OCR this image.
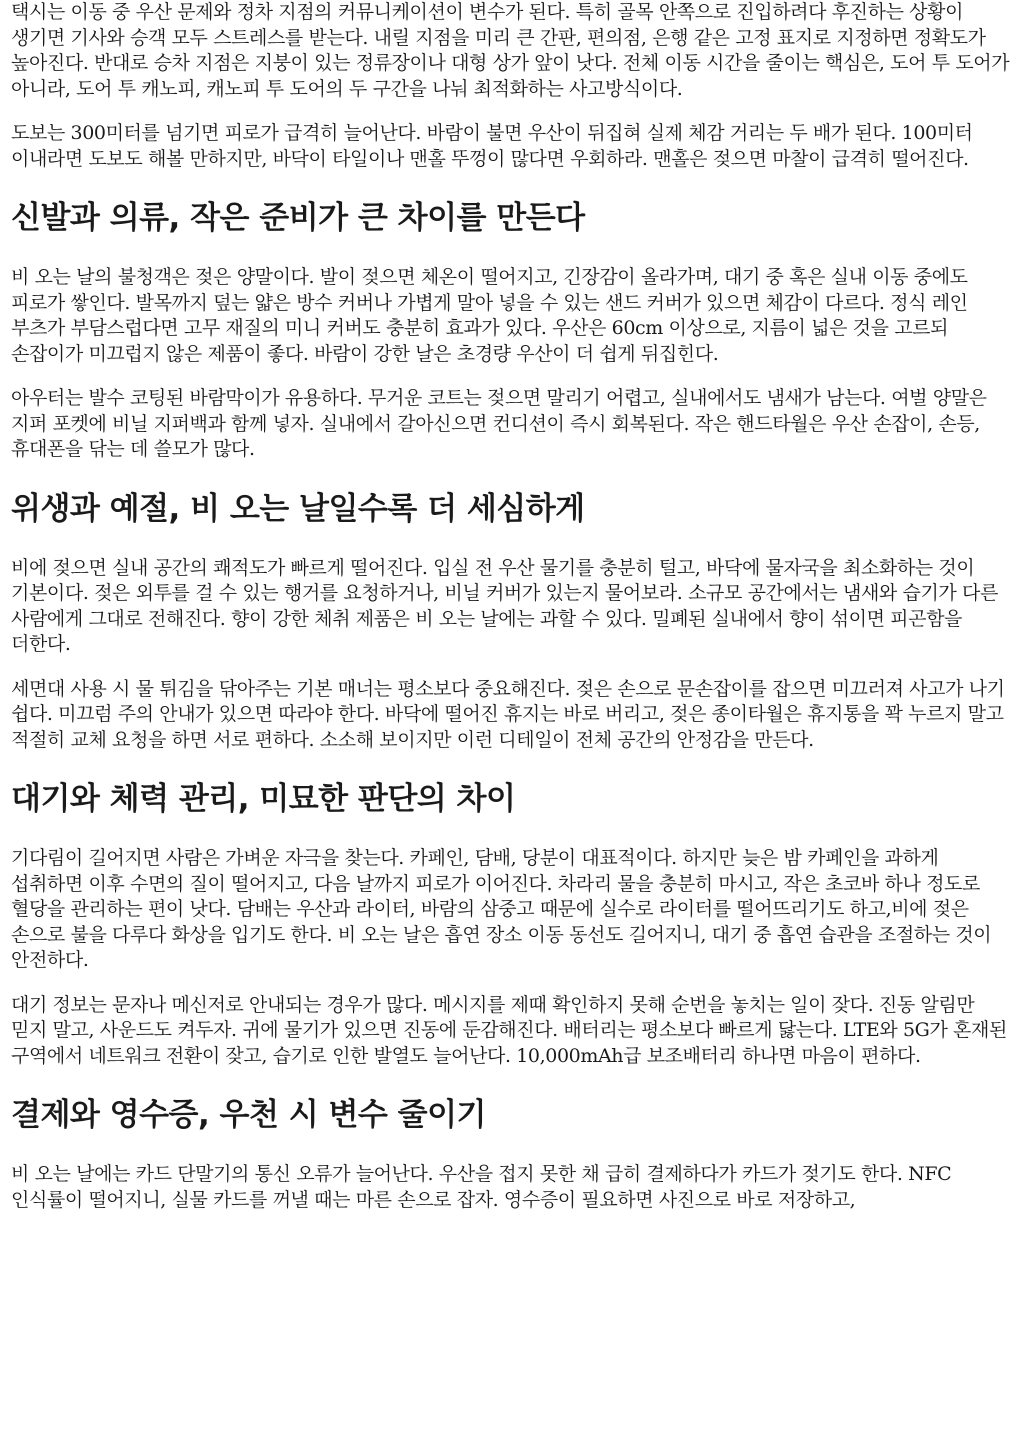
택시는 이동 중 우산 문제와 정차 지점의 커뮤니케이션이 변수가 된다. 특히 골목 안쪽으로 진입하려다 후진하는 상황이 생기면 기사와 승객 모두 스트레스를 받는다. 내릴 지점을 미리 큰 간판, 편의점, 은행 같은 고정 표지로 지정하면 정확도가 높아진다. 반대로 승차 지점은 지붕이 있는 정류장이나 대형 상가 앞이 낫다. 전체 이동 시간을 줄이는 핵심은, 도어 투 도어가 아니라, 도어 투 캐노피, 캐노피 투 도어의 두 구간을 나눠 최적화하는 사고방식이다.

도보는 300미터를 넘기면 피로가 급격히 늘어난다. 바람이 불면 우산이 뒤집혀 실제 체감 거리는 두 배가 된다. 100미터 이내라면 도보도 해볼 만하지만, 바닥이 타일이나 맨홀 뚜껑이 많다면 우회하라. 맨홀은 젖으면 마찰이 급격히 떨어진다.

신발과 의류, 작은 준비가 큰 차이를 만든다

비 오는 날의 불청객은 젖은 양말이다. 발이 젖으면 체온이 떨어지고, 긴장감이 올라가며, 대기 중 혹은 실내 이동 중에도 피로가 쌓인다. 발목까지 덮는 얇은 방수 커버나 가볍게 말아 넣을 수 있는 샌드 커버가 있으면 체감이 다르다. 정식 레인 부츠가 부담스럽다면 고무 재질의 미니 커버도 충분히 효과가 있다. 우산은 60cm 이상으로, 지름이 넓은 것을 고르되 손잡이가 미끄럽지 않은 제품이 좋다. 바람이 강한 날은 초경량 우산이 더 쉽게 뒤집힌다.

아우터는 발수 코팅된 바람막이가 유용하다. 무거운 코트는 젖으면 말리기 어렵고, 실내에서도 냄새가 남는다. 여벌 양말은 지퍼 포켓에 비닐 지퍼백과 함께 넣자. 실내에서 갈아신으면 컨디션이 즉시 회복된다. 작은 핸드타월은 우산 손잡이, 손등, 휴대폰을 닦는 데 쓸모가 많다.

위생과 예절, 비 오는 날일수록 더 세심하게

비에 젖으면 실내 공간의 쾌적도가 빠르게 떨어진다. 입실 전 우산 물기를 충분히 털고, 바닥에 물자국을 최소화하는 것이 기본이다. 젖은 외투를 걸 수 있는 행거를 요청하거나, 비닐 커버가 있는지 물어보라. 소규모 공간에서는 냄새와 습기가 다른 사람에게 그대로 전해진다. 향이 강한 체취 제품은 비 오는 날에는 과할 수 있다. 밀폐된 실내에서 향이 섞이면 피곤함을 더한다.

세면대 사용 시 물 튀김을 닦아주는 기본 매너는 평소보다 중요해진다. 젖은 손으로 문손잡이를 잡으면 미끄러져 사고가 나기 쉽다. 미끄럼 주의 안내가 있으면 따라야 한다. 바닥에 떨어진 휴지는 바로 버리고, 젖은 종이타월은 휴지통을 꽉 누르지 말고 적절히 교체 요청을 하면 서로 편하다. 소소해 보이지만 이런 디테일이 전체 공간의 안정감을 만든다.

대기와 체력 관리, 미묘한 판단의 차이

기다림이 길어지면 사람은 가벼운 자극을 찾는다. 카페인, 담배, 당분이 대표적이다. 하지만 늦은 밤 카페인을 과하게 섭취하면 이후 수면의 질이 떨어지고, 다음 날까지 피로가 이어진다. 차라리 물을 충분히 마시고, 작은 초코바 하나 정도로 혈당을 관리하는 편이 낫다. 담배는 우산과 라이터, 바람의 삼중고 때문에 실수로 라이터를 떨어뜨리기도 하고,비에 젖은 손으로 불을 다루다 화상을 입기도 한다. 비 오는 날은 흡연 장소 이동 동선도 길어지니, 대기 중 흡연 습관을 조절하는 것이 안전하다.

대기 정보는 문자나 메신저로 안내되는 경우가 많다. 메시지를 제때 확인하지 못해 순번을 놓치는 일이 잦다. 진동 알림만 믿지 말고, 사운드도 켜두자. 귀에 물기가 있으면 진동에 둔감해진다. 배터리는 평소보다 빠르게 닳는다. LTE와 5G가 혼재된 구역에서 네트워크 전환이 잦고, 습기로 인한 발열도 늘어난다. 10,000mAh급 보조배터리 하나면 마음이 편하다.

결제와 영수증, 우천 시 변수 줄이기

비 오는 날에는 카드 단말기의 통신 오류가 늘어난다. 우산을 접지 못한 채 급히 결제하다가 카드가 젖기도 한다. NFC 인식률이 떨어지니, 실물 카드를 꺼낼 때는 마른 손으로 잡자. 영수증이 필요하면 사진으로 바로 저장하고,
